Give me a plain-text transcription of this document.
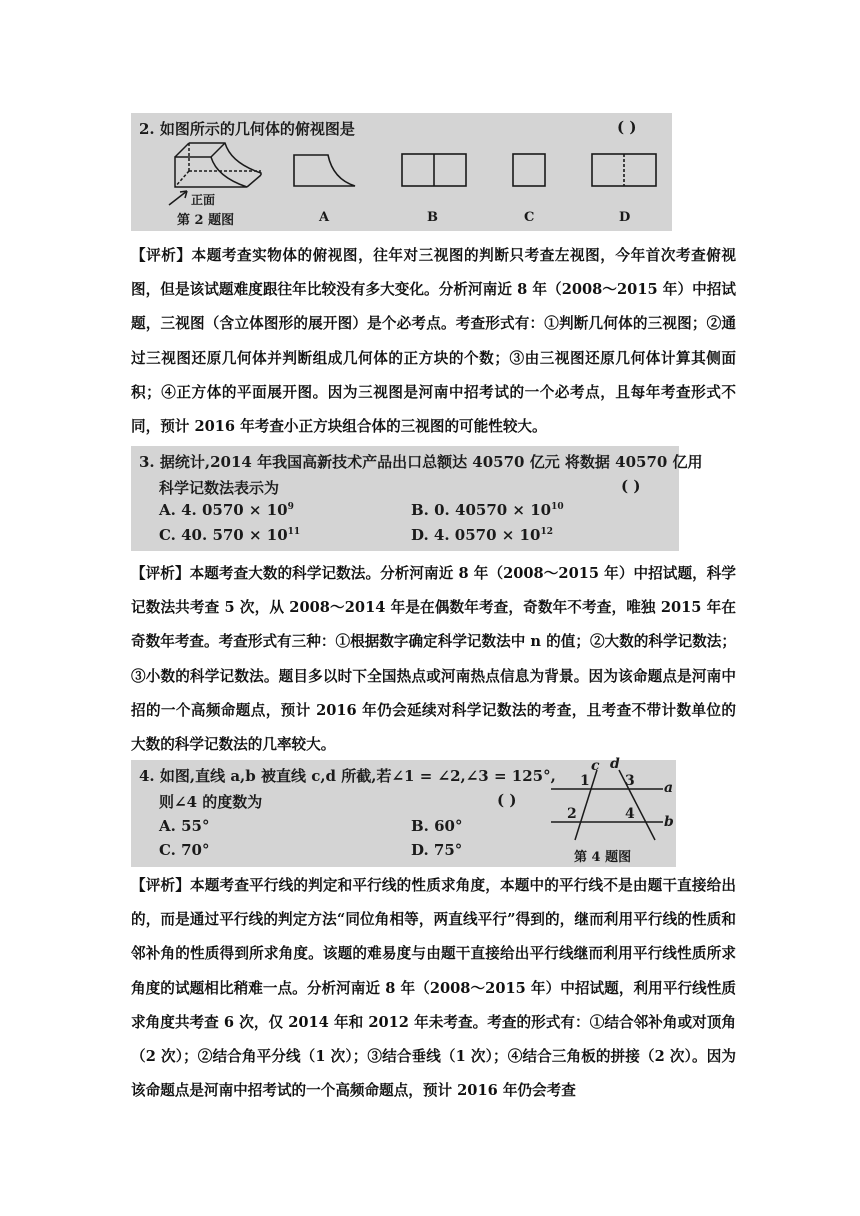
2. 如图所示的几何体的俯视图是	( )
正面
第 2 题图	A	B	C	D

【评析】本题考查实物体的俯视图，往年对三视图的判断只考查左视图，今年首次考查俯视图，但是该试题难度跟往年比较没有多大变化。分析河南近 8 年（2008～2015 年）中招试题，三视图（含立体图形的展开图）是个必考点。考查形式有：①判断几何体的三视图；②通过三视图还原几何体并判断组成几何体的正方块的个数；③由三视图还原几何体计算其侧面积；④正方体的平面展开图。因为三视图是河南中招考试的一个必考点，且每年考查形式不同，预计 2016 年考查小正方块组合体的三视图的可能性较大。

3. 据统计,2014 年我国高新技术产品出口总额达 40570 亿元 将数据 40570 亿用
科学记数法表示为	( )
A. 4. $0570 \times 10^9$	B. 0. $40570 \times 10^{10}$
C. 40. $570 \times 10^{11}$	D. 4. $0570 \times 10^{12}$

【评析】本题考查大数的科学记数法。分析河南近 8 年（2008～2015 年）中招试题，科学记数法共考查 5 次，从 2008～2014 年是在偶数年考查，奇数年不考查，唯独 2015 年在奇数年考查。考查形式有三种：①根据数字确定科学记数法中 n 的值；②大数的科学记数法；③小数的科学记数法。题目多以时下全国热点或河南热点信息为背景。因为该命题点是河南中招的一个高频命题点，预计 2016 年仍会延续对科学记数法的考查，且考查不带计数单位的大数的科学记数法的几率较大。

4. 如图,直线 a,b 被直线 c,d 所截,若∠1 = ∠2,∠3 = 125°,
则∠4 的度数为	( )
A. 55°	B. 60°
C. 70°	D. 75°
c d
1	3 a
2	4 b
第 4 题图

【评析】本题考查平行线的判定和平行线的性质求角度，本题中的平行线不是由题干直接给出的，而是通过平行线的判定方法“同位角相等，两直线平行”得到的，继而利用平行线的性质和邻补角的性质得到所求角度。该题的难易度与由题干直接给出平行线继而利用平行线性质所求角度的试题相比稍难一点。分析河南近 8 年（2008～2015 年）中招试题，利用平行线性质求角度共考查 6 次，仅 2014 年和 2012 年未考查。考查的形式有：①结合邻补角或对顶角（2 次）；②结合角平分线（1 次）；③结合垂线（1 次）；④结合三角板的拼接（2 次）。因为该命题点是河南中招考试的一个高频命题点，预计 2016 年仍会考查
